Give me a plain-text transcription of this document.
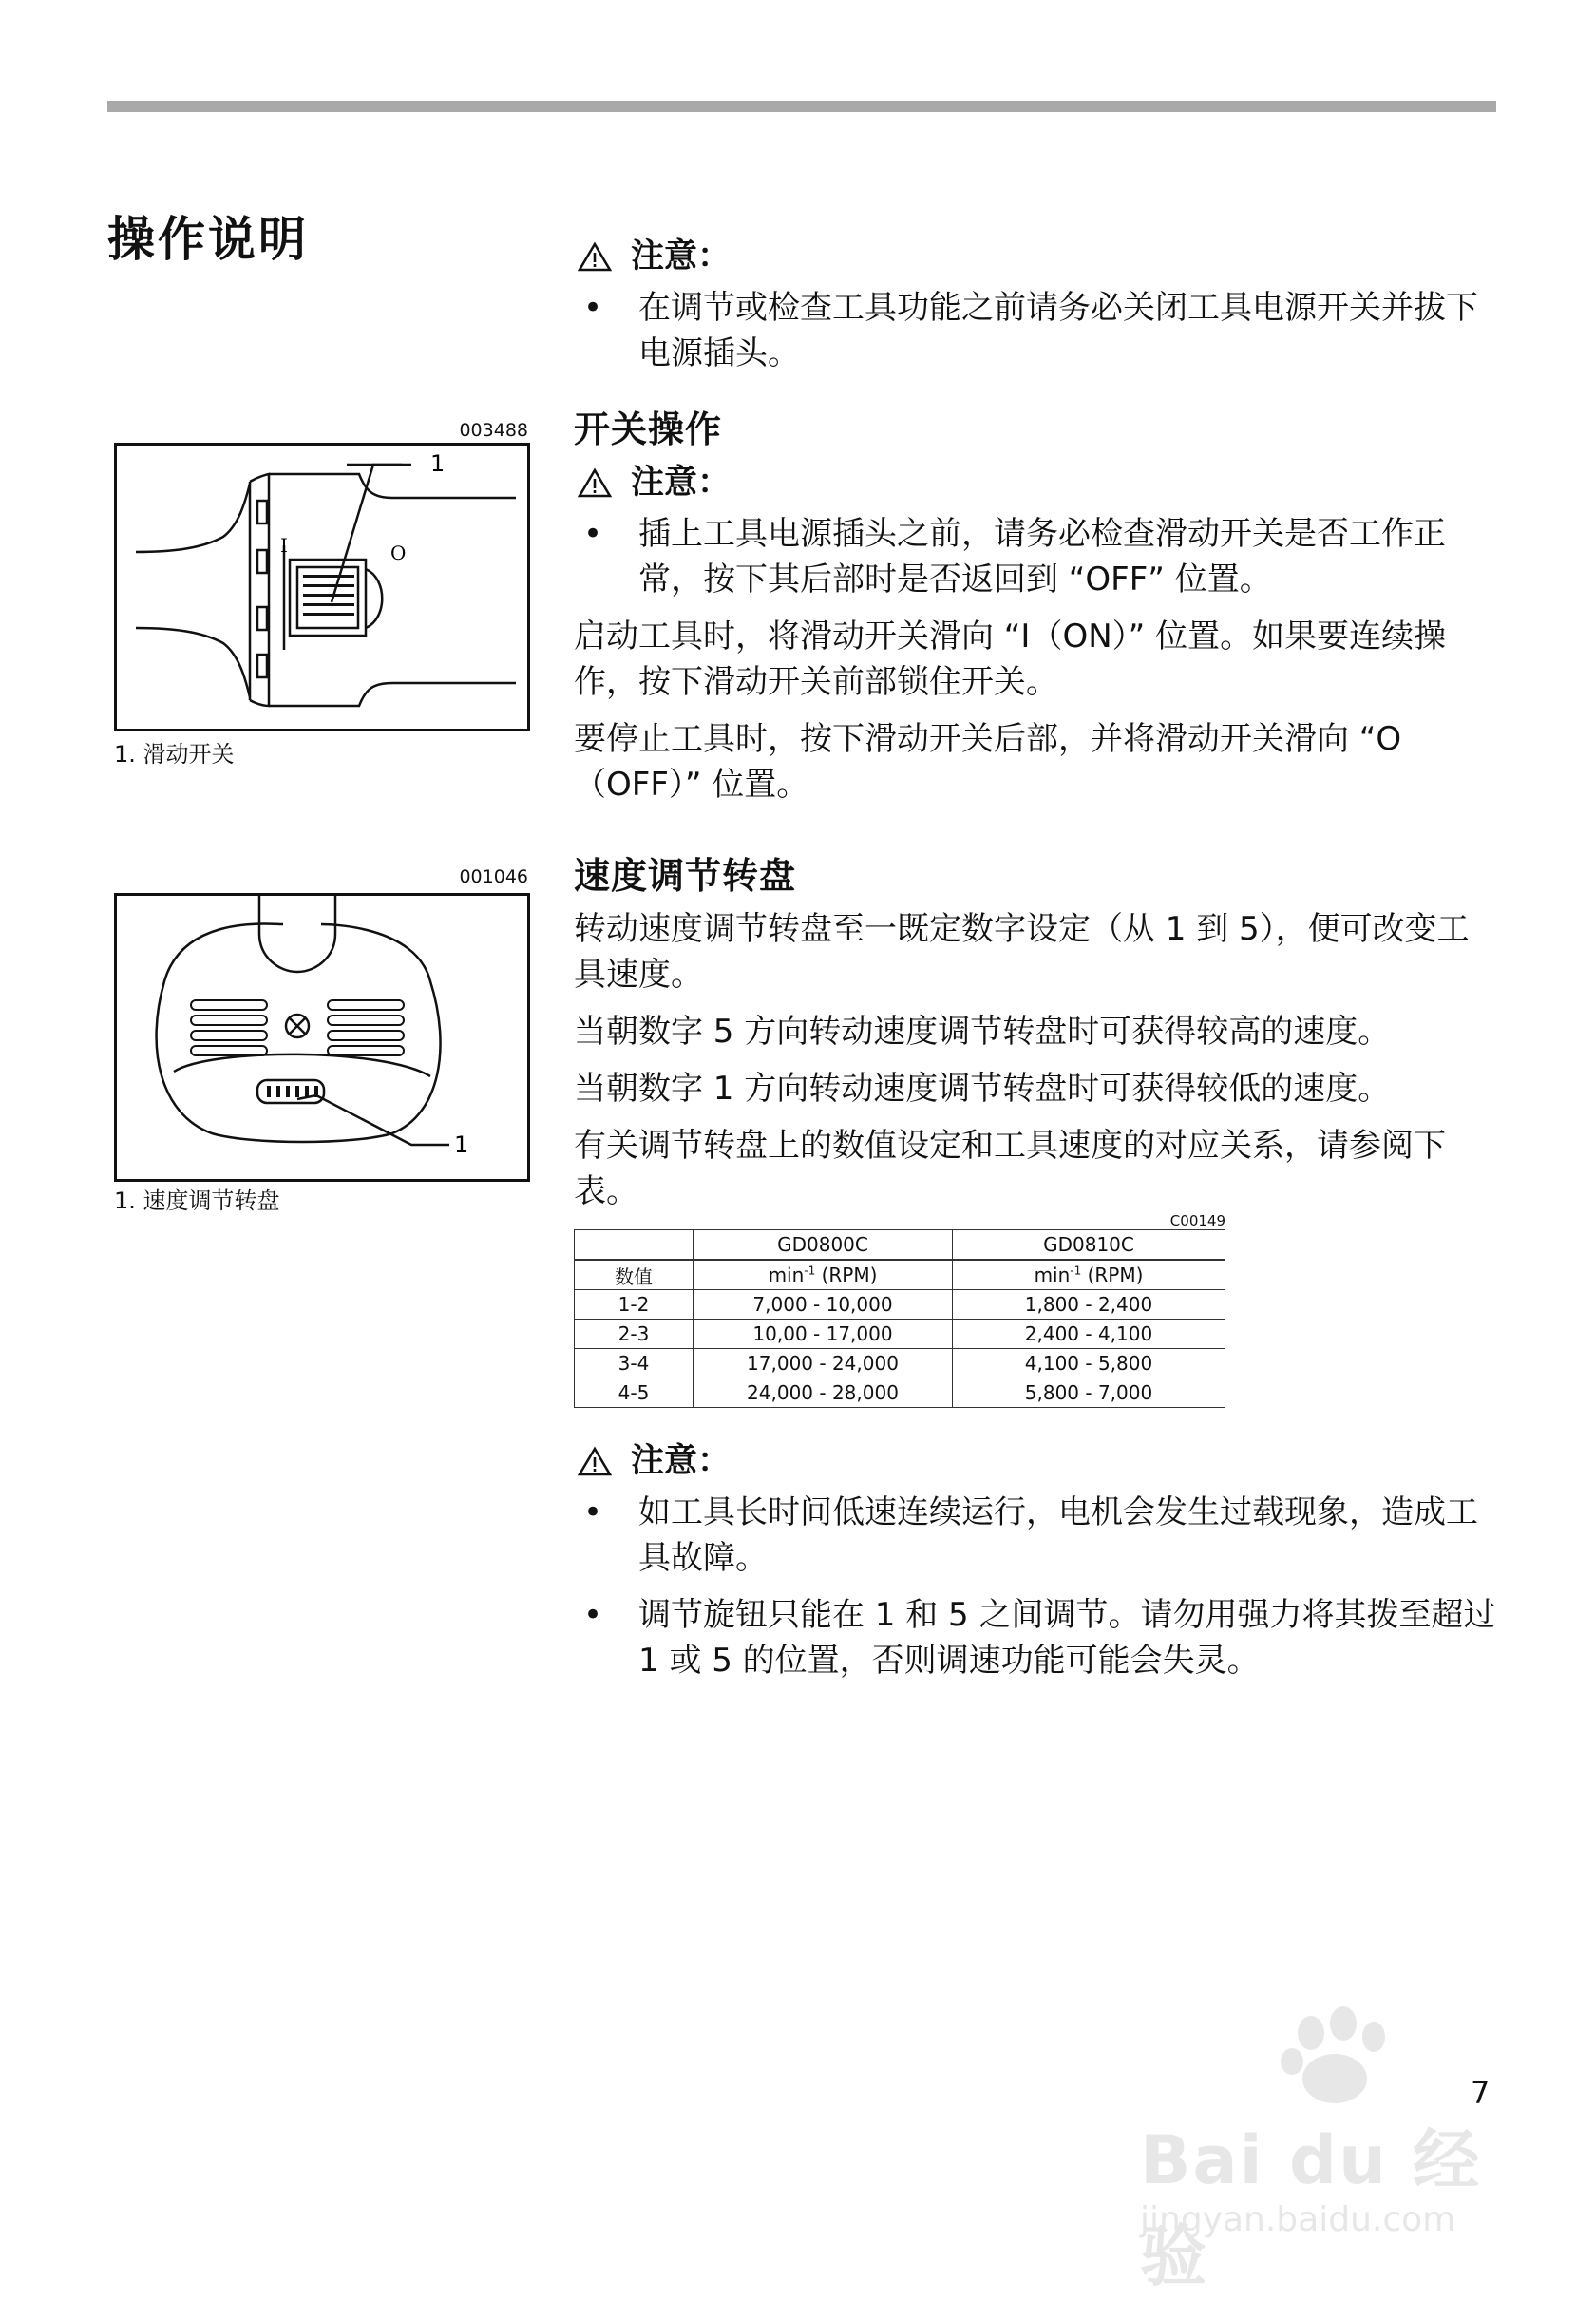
操作说明	注意：
• 在调节或检查工具功能之前请务必关闭工具电源开关并拔下电源插头。
开关操作
注意：
• 插上工具电源插头之前，请务必检查滑动开关是否工作正常，按下其后部时是否返回到 “OFF” 位置。

启动工具时，将滑动开关滑向 “I（ON）” 位置。如果要连续操作，按下滑动开关前部锁住开关。

要停止工具时，按下滑动开关后部，并将滑动开关滑向 “O（OFF）” 位置。

003488
I	O
1
1. 滑动开关
速度调节转盘

转动速度调节转盘至一既定数字设定（从 1 到 5），便可改变工具速度。

当朝数字 5 方向转动速度调节转盘时可获得较高的速度。

当朝数字 1 方向转动速度调节转盘时可获得较低的速度。

有关调节转盘上的数值设定和工具速度的对应关系，请参阅下表。

001046
1
1. 速度调节转盘
C00149
	GD0800C	GD0810C
数值	$\min^{-1} (RPM)$	$\min^{-1} (RPM)$
1-2	7,000 - 10,000	1,800 - 2,400
2-3	10,00 - 17,000	2,400 - 4,100
3-4	17,000 - 24,000	4,100 - 5,800
4-5	24,000 - 28,000	5,800 - 7,000
注意：
• 如工具长时间低速连续运行，电机会发生过载现象，造成工具故障。
• 调节旋钮只能在 1 和 5 之间调节。请勿用强力将其拨至超过 1 或 5 的位置，否则调速功能可能会失灵。
Bai du 经验
jingyan.baidu.com
7
